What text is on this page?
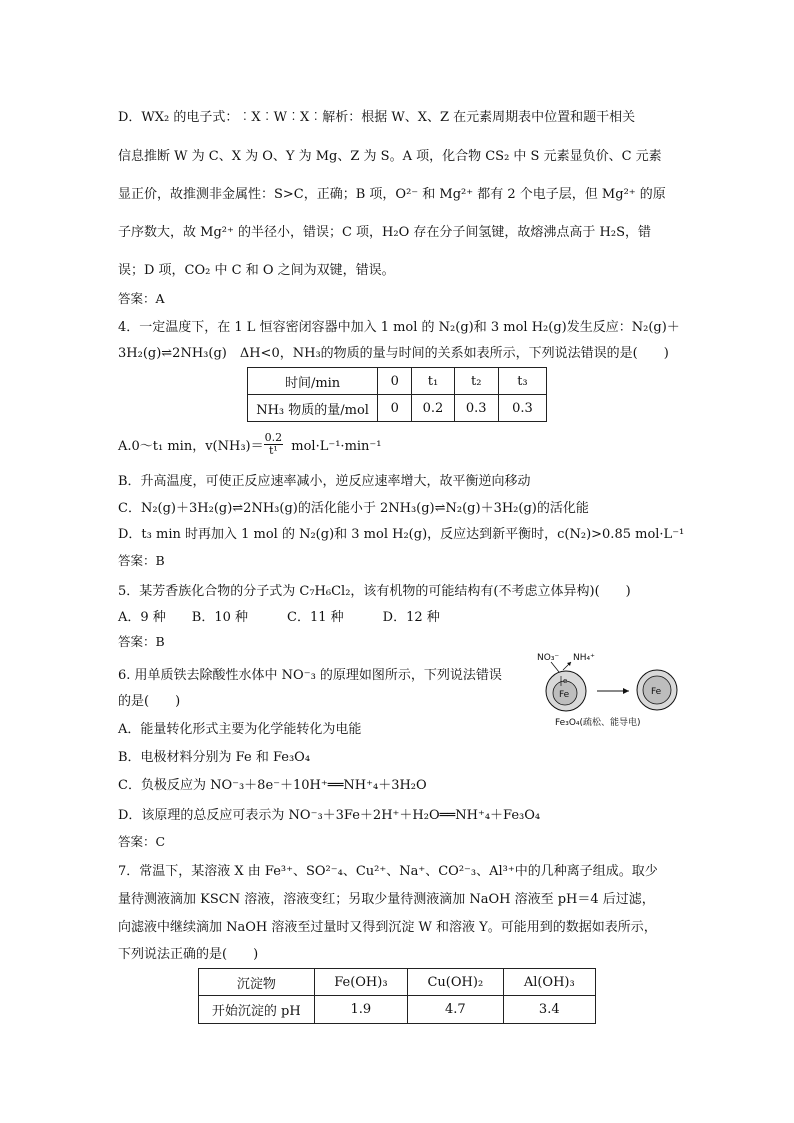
D．WX₂ 的电子式：︰X︰W︰X︰解析：根据 W、X、Z 在元素周期表中位置和题干相关
信息推断 W 为 C、X 为 O、Y 为 Mg、Z 为 S。A 项，化合物 CS₂ 中 S 元素显负价、C 元素
显正价，故推测非金属性：S>C，正确；B 项，O²⁻ 和 Mg²⁺ 都有 2 个电子层，但 Mg²⁺ 的原
子序数大，故 Mg²⁺ 的半径小，错误；C 项，H₂O 存在分子间氢键，故熔沸点高于 H₂S，错
误；D 项，CO₂ 中 C 和 O 之间为双键，错误。
答案：A
4．一定温度下，在 1 L 恒容密闭容器中加入 1 mol 的 N₂(g)和 3 mol H₂(g)发生反应：N₂(g)＋
3H₂(g)⇌2NH₃(g)　ΔH<0，NH₃的物质的量与时间的关系如表所示，下列说法错误的是(　　)
时间/min	0	t₁	t₂	t₃
NH₃ 物质的量/mol	0	0.2	0.3	0.3
A.0～t₁ min，$v(NH_3)= \frac{0.2}{\text{t¹}} mol\cdot L^{-1}\cdot\min^{-1}$
B．升高温度，可使正反应速率减小，逆反应速率增大，故平衡逆向移动
C．N₂(g)＋3H₂(g)⇌2NH₃(g)的活化能小于 2NH₃(g)⇌N₂(g)＋3H₂(g)的活化能
D．t₃ min 时再加入 1 mol 的 N₂(g)和 3 mol H₂(g)，反应达到新平衡时，c(N₂)>0.85 mol·L⁻¹
答案：B
5．某芳香族化合物的分子式为 C₇H₆Cl₂，该有机物的可能结构有(不考虑立体异构)(　　)
A．9 种　　B．10 种　　　C．11 种　　　D．12 种
答案：B
6. 用单质铁去除酸性水体中 NO⁻₃ 的原理如图所示，下列说法错误
的是(　　)
NO₃⁻ NH₄⁺
Fe
e
Fe
Fe₃O₄(疏松、能导电)
A．能量转化形式主要为化学能转化为电能
B．电极材料分别为 Fe 和 Fe₃O₄
C．负极反应为 NO⁻₃＋8e⁻＋10H⁺══NH⁺₄＋3H₂O
D．该原理的总反应可表示为 NO⁻₃＋3Fe＋2H⁺＋H₂O══NH⁺₄＋Fe₃O₄
答案：C
7．常温下，某溶液 X 由 Fe³⁺、SO²⁻₄、Cu²⁺、Na⁺、CO²⁻₃、Al³⁺中的几种离子组成。取少
量待测液滴加 KSCN 溶液，溶液变红；另取少量待测液滴加 NaOH 溶液至 pH＝4 后过滤，
向滤液中继续滴加 NaOH 溶液至过量时又得到沉淀 W 和溶液 Y。可能用到的数据如表所示，
下列说法正确的是(　　)
沉淀物	Fe(OH)₃	Cu(OH)₂	Al(OH)₃
开始沉淀的 pH	1.9	4.7	3.4
